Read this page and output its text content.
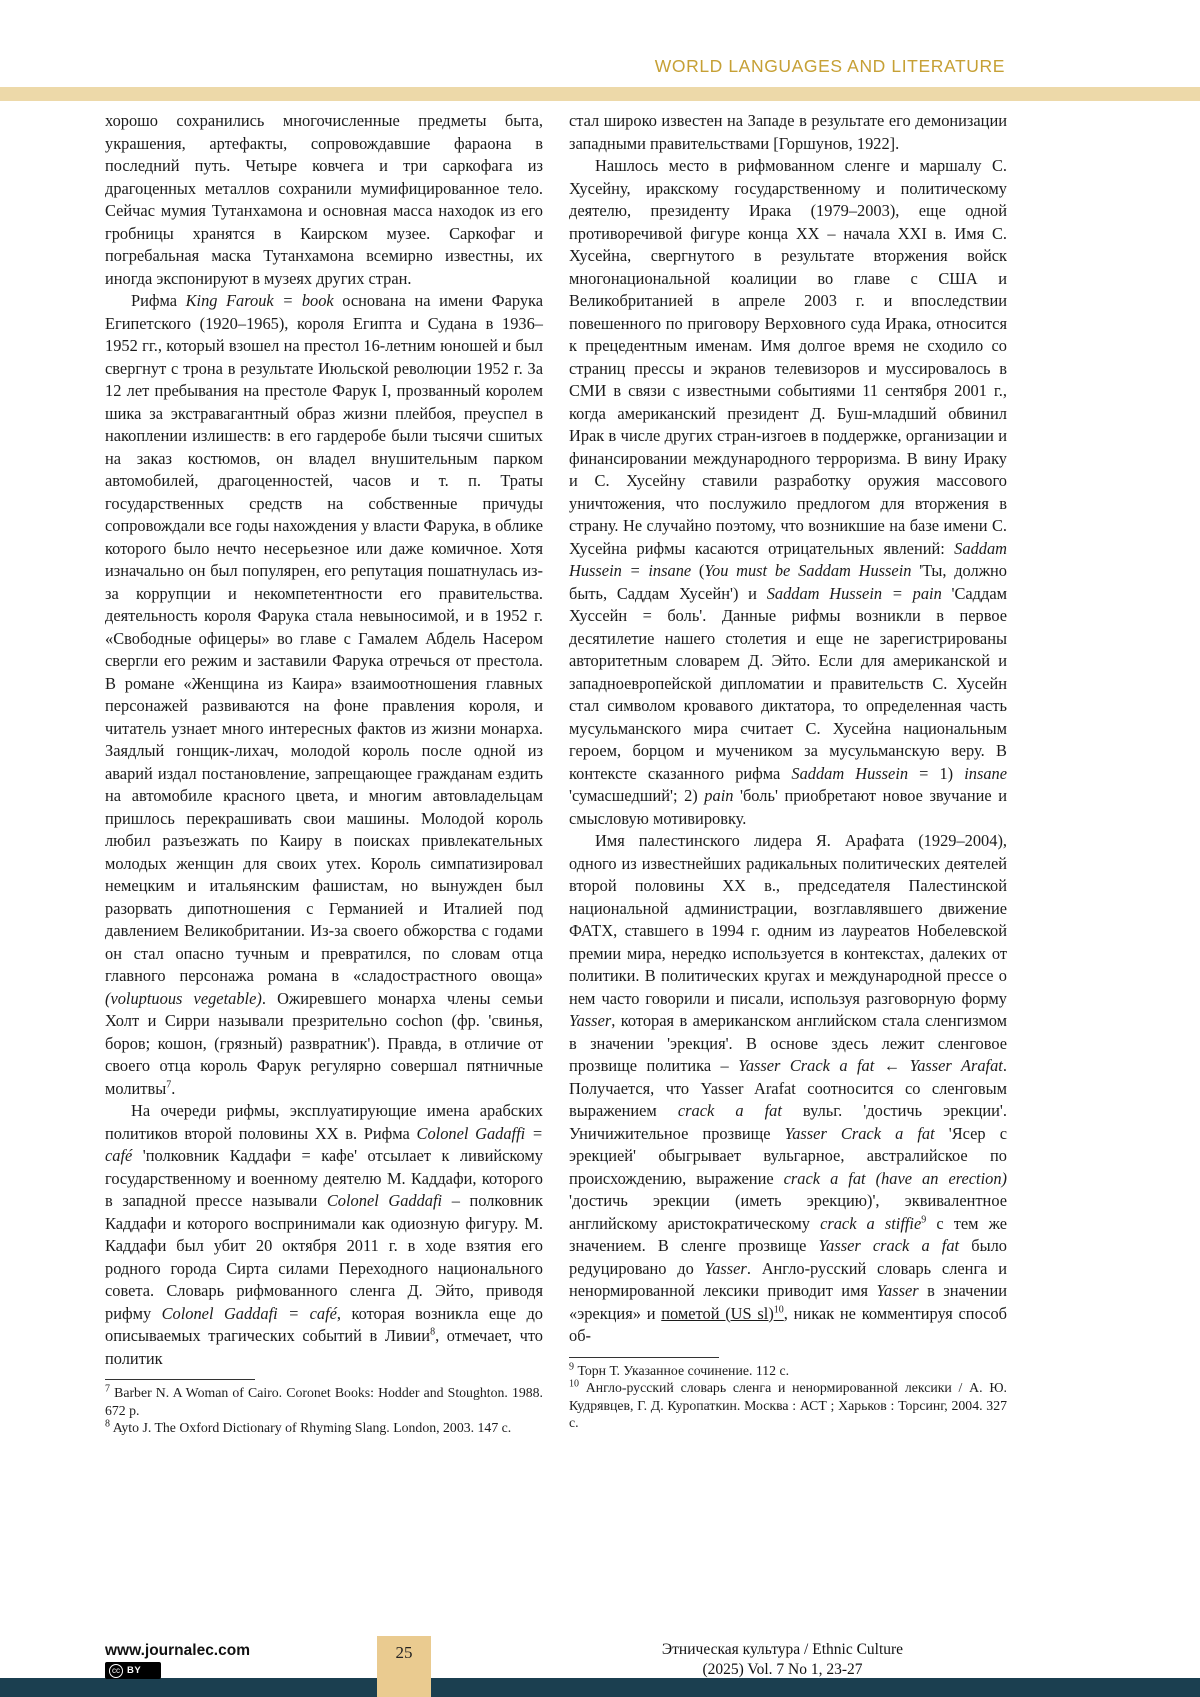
WORLD LANGUAGES AND LITERATURE

хорошо сохранились многочисленные предметы быта, украшения, артефакты, сопровождавшие фараона в последний путь. Четыре ковчега и три саркофага из драгоценных металлов сохранили мумифицированное тело. Сейчас мумия Тутанхамона и основная масса находок из его гробницы хранятся в Каирском музее. Саркофаг и погребальная маска Тутанхамона всемирно известны, их иногда экспонируют в музеях других стран.

Рифма King Farouk = book основана на имени Фарука Египетского (1920–1965), короля Египта и Судана в 1936–1952 гг., который взошел на престол 16-летним юношей и был свергнут с трона в результате Июльской революции 1952 г. За 12 лет пребывания на престоле Фарук I, прозванный королем шика за экстравагантный образ жизни плейбоя, преуспел в накоплении излишеств: в его гардеробе были тысячи сшитых на заказ костюмов, он владел внушительным парком автомобилей, драгоценностей, часов и т. п. Траты государственных средств на собственные причуды сопровождали все годы нахождения у власти Фарука, в облике которого было нечто несерьезное или даже комичное. Хотя изначально он был популярен, его репутация пошатнулась из-за коррупции и некомпетентности его правительства. деятельность короля Фарука стала невыносимой, и в 1952 г. «Свободные офицеры» во главе с Гамалем Абдель Насером свергли его режим и заставили Фарука отречься от престола. В романе «Женщина из Каира» взаимоотношения главных персонажей развиваются на фоне правления короля, и читатель узнает много интересных фактов из жизни монарха. Заядлый гонщик-лихач, молодой король после одной из аварий издал постановление, запрещающее гражданам ездить на автомобиле красного цвета, и многим автовладельцам пришлось перекрашивать свои машины. Молодой король любил разъезжать по Каиру в поисках привлекательных молодых женщин для своих утех. Король симпатизировал немецким и итальянским фашистам, но вынужден был разорвать дипотношения с Германией и Италией под давлением Великобритании. Из-за своего обжорства с годами он стал опасно тучным и превратился, по словам отца главного персонажа романа в «сладострастного овоща» (voluptuous vegetable). Ожиревшего монарха члены семьи Холт и Сирри называли презрительно cochon (фр. 'свинья, боров; кошон, (грязный) развратник'). Правда, в отличие от своего отца король Фарук регулярно совершал пятничные молитвы$^7$.

На очереди рифмы, эксплуатирующие имена арабских политиков второй половины XX в. Рифма Colonel Gadaffi = café 'полковник Каддафи = кафе' отсылает к ливийскому государственному и военному деятелю М. Каддафи, которого в западной прессе называли Colonel Gaddafi – полковник Каддафи и которого воспринимали как одиозную фигуру. М. Каддафи был убит 20 октября 2011 г. в ходе взятия его родного города Сирта силами Переходного национального совета. Словарь рифмованного сленга Д. Эйто, приводя рифму Colonel Gaddafi = café, которая возникла еще до описываемых трагических событий в Ливии$^8$, отмечает, что политик

$^7$ Barber N. A Woman of Cairo. Coronet Books: Hodder and Stoughton. 1988. 672 p.

$^8$ Ayto J. The Oxford Dictionary of Rhyming Slang. London, 2003. 147 с.

стал широко известен на Западе в результате его демонизации западными правительствами [Горшунов, 1922].

Нашлось место в рифмованном сленге и маршалу С. Хусейну, иракскому государственному и политическому деятелю, президенту Ирака (1979–2003), еще одной противоречивой фигуре конца XX – начала XXI в. Имя С. Хусейна, свергнутого в результате вторжения войск многонациональной коалиции во главе с США и Великобританией в апреле 2003 г. и впоследствии повешенного по приговору Верховного суда Ирака, относится к прецедентным именам. Имя долгое время не сходило со страниц прессы и экранов телевизоров и муссировалось в СМИ в связи с известными событиями 11 сентября 2001 г., когда американский президент Д. Буш-младший обвинил Ирак в числе других стран-изгоев в поддержке, организации и финансировании международного терроризма. В вину Ираку и С. Хусейну ставили разработку оружия массового уничтожения, что послужило предлогом для вторжения в страну. Не случайно поэтому, что возникшие на базе имени С. Хусейна рифмы касаются отрицательных явлений: Saddam Hussein = insane (You must be Saddam Hussein 'Ты, должно быть, Саддам Хусейн') и Saddam Hussein = pain 'Саддам Хуссейн = боль'. Данные рифмы возникли в первое десятилетие нашего столетия и еще не зарегистрированы авторитетным словарем Д. Эйто. Если для американской и западноевропейской дипломатии и правительств С. Хусейн стал символом кровавого диктатора, то определенная часть мусульманского мира считает С. Хусейна национальным героем, борцом и мучеником за мусульманскую веру. В контексте сказанного рифма Saddam Hussein = 1) insane 'сумасшедший'; 2) pain 'боль' приобретают новое звучание и смысловую мотивировку.

Имя палестинского лидера Я. Арафата (1929–2004), одного из известнейших радикальных политических деятелей второй половины XX в., председателя Палестинской национальной администрации, возглавлявшего движение ФАТХ, ставшего в 1994 г. одним из лауреатов Нобелевской премии мира, нередко используется в контекстах, далеких от политики. В политических кругах и международной прессе о нем часто говорили и писали, используя разговорную форму Yasser, которая в американском английском стала сленгизмом в значении 'эрекция'. В основе здесь лежит сленговое прозвище политика – Yasser Crack a fat ← Yasser Arafat. Получается, что Yasser Arafat соотносится со сленговым выражением crack a fat вульг. 'достичь эрекции'. Уничижительное прозвище Yasser Crack a fat 'Ясер с эрекцией' обыгрывает вульгарное, австралийское по происхождению, выражение crack a fat (have an erection) 'достичь эрекции (иметь эрекцию)', эквивалентное английскому аристократическому crack a stiffie$^9$ с тем же значением. В сленге прозвище Yasser crack a fat было редуцировано до Yasser. Англо-русский словарь сленга и ненормированной лексики приводит имя Yasser в значении «эрекция» и пометой (US sl)$^{10}$, никак не комментируя способ об-

$^9$ Торн Т. Указанное сочинение. 112 с.

$^{10}$ Англо-русский словарь сленга и ненормированной лексики / А. Ю. Кудрявцев, Г. Д. Куропаткин. Москва : АСТ ; Харьков : Торсинг, 2004. 327 с.

www.journalec.com	25	Этническая культура / Ethnic Culture
(2025) Vol. 7 No 1, 23-27
cc BY
